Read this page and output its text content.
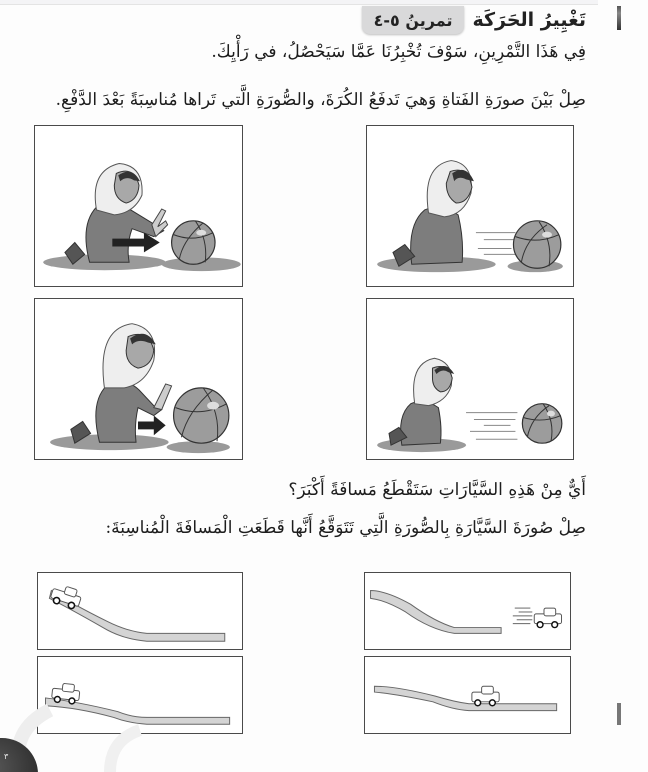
تمرينُ ٥-٤	تَغْيِيرُ الحَرَكَة
فِي هَذَا التَّمْرِينِ، سَوْفَ تُخْبِرُنَا عَمَّا سَيَحْصُلُ، في رَأْيِكَ.
صِلْ بَيْنَ صورَةِ الفَتاةِ وَهيَ تَدفَعُ الكُرَةَ، والصُّورَةِ الَّتي تَراها مُناسِبَةً بَعْدَ الدَّفْعِ.
أَيٌّ مِنْ هَذِهِ السَّيَّارَاتِ سَتَقْطَعُ مَسافَةً أَكْبَرَ؟
صِلْ صُورَةَ السَّيَّارَةِ بِالصُّورَةِ الَّتِي تَتَوَقَّعُ أَنَّها قَطَعَتِ الْمَسافَةَ الْمُناسِبَةَ:
٣
